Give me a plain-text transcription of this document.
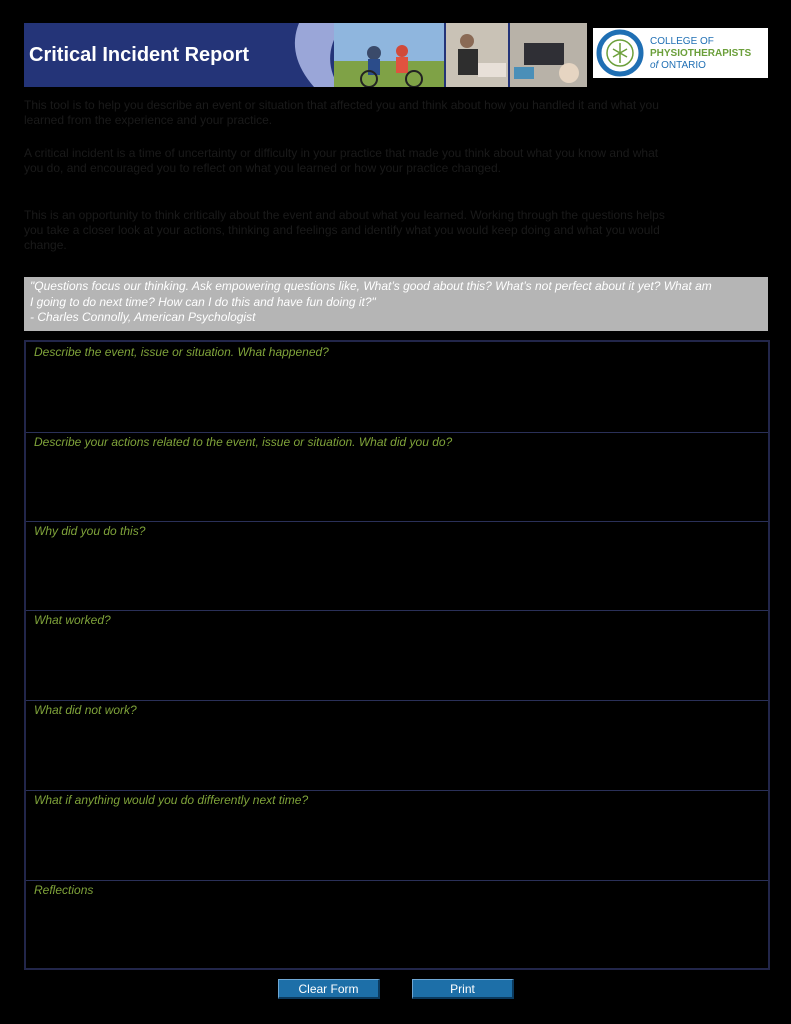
Critical Incident Report
COLLEGE OF
PHYSIOTHERAPISTS
of ONTARIO
This tool is to help you describe an event or situation that affected you and think about how you handled it and what you learned from the experience and your practice.
A critical incident is a time of uncertainty or difficulty in your practice that made you think about what you know and what you do, and encouraged you to reflect on what you learned or how your practice changed.
This is an opportunity to think critically about the event and about what you learned. Working through the questions helps you take a closer look at your actions, thinking and feelings and identify what you would keep doing and what you would change.
"Questions focus our thinking. Ask empowering questions like, What’s good about this? What’s not perfect about it yet? What am
I going to do next time? How can I do this and have fun doing it?"
- Charles Connolly, American Psychologist
Describe the event, issue or situation. What happened?
Describe your actions related to the event, issue or situation. What did you do?
Why did you do this?
What worked?
What did not work?
What if anything would you do differently next time?
Reflections
Clear Form	Print
